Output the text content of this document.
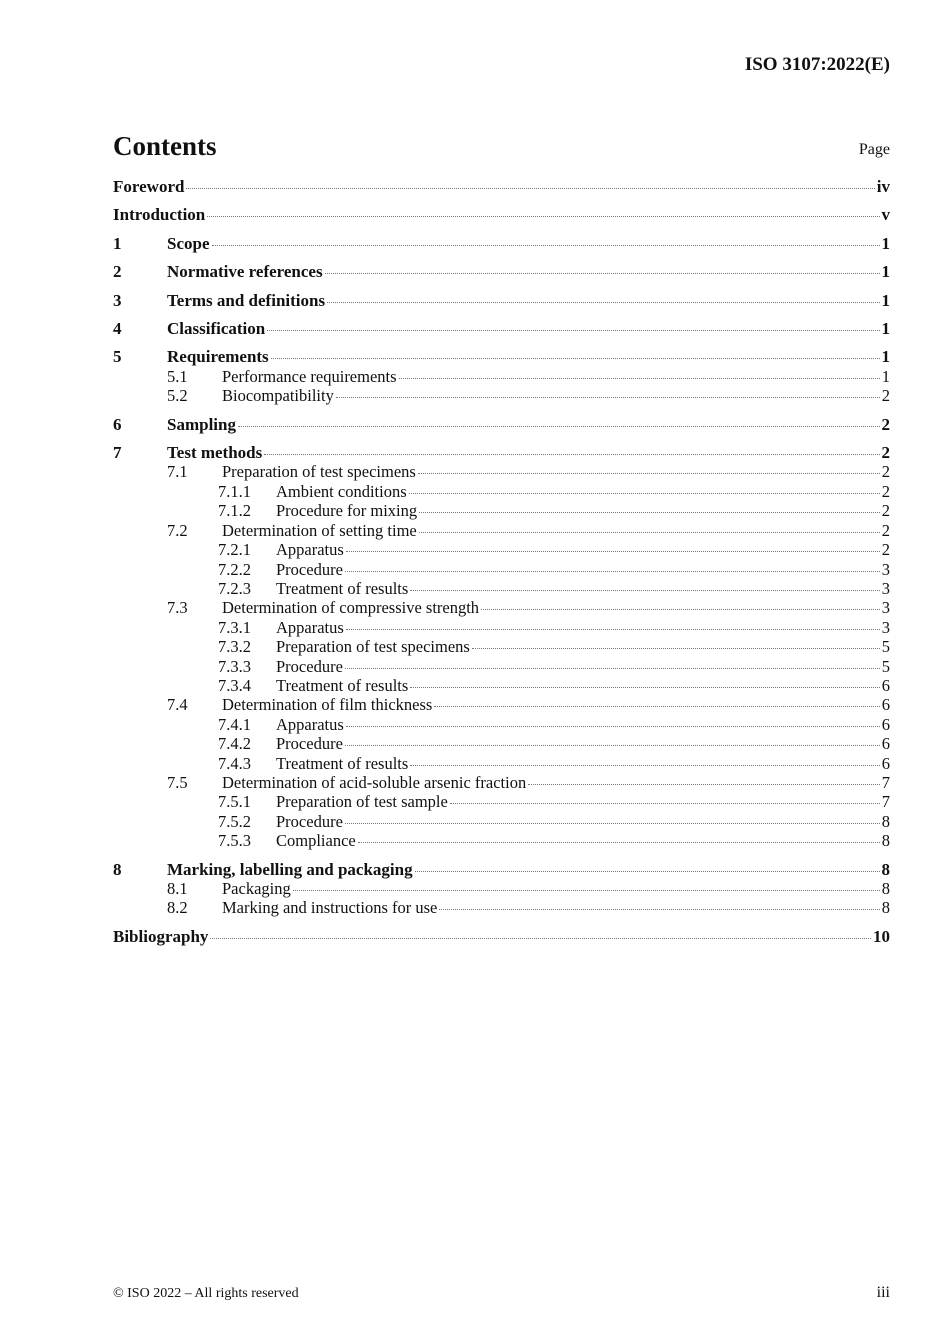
ISO 3107:2022(E)
Contents	Page
Foreword	iv
Introduction	v
1	Scope	1
2	Normative references	1
3	Terms and definitions	1
4	Classification	1
5	Requirements	1
5.1 Performance requirements	1
5.2 Biocompatibility	2
6	Sampling	2
7	Test methods	2
7.1 Preparation of test specimens	2
7.1.1 Ambient conditions	2
7.1.2 Procedure for mixing	2
7.2 Determination of setting time	2
7.2.1 Apparatus	2
7.2.2 Procedure	3
7.2.3 Treatment of results	3
7.3 Determination of compressive strength	3
7.3.1 Apparatus	3
7.3.2 Preparation of test specimens	5
7.3.3 Procedure	5
7.3.4 Treatment of results	6
7.4 Determination of film thickness	6
7.4.1 Apparatus	6
7.4.2 Procedure	6
7.4.3 Treatment of results	6
7.5 Determination of acid-soluble arsenic fraction	7
7.5.1 Preparation of test sample	7
7.5.2 Procedure	8
7.5.3 Compliance	8
8	Marking, labelling and packaging	8
8.1 Packaging	8
8.2 Marking and instructions for use	8
Bibliography	10
© ISO 2022 – All rights reserved	iii
